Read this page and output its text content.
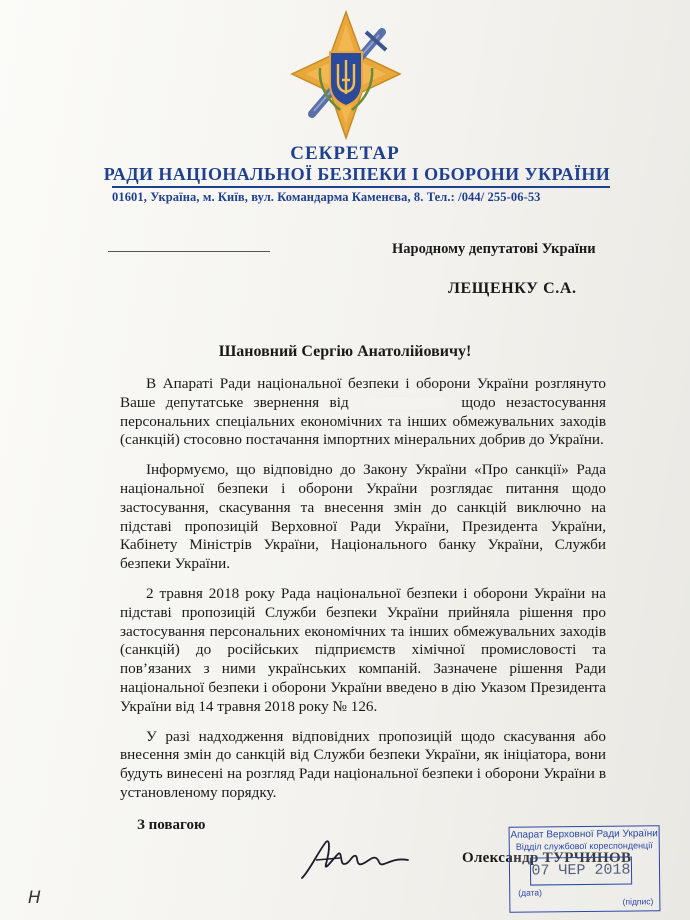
СЕКРЕТАР
РАДИ НАЦІОНАЛЬНОЇ БЕЗПЕКИ І ОБОРОНИ УКРАЇНИ
01601, Україна, м. Київ, вул. Командарма Каменєва, 8. Тел.: /044/ 255-06-53
Народному депутатові України
ЛЕЩЕНКУ С.А.
Шановний Сергію Анатолійовичу!

В Апараті Ради національної безпеки і оборони України розглянуто Ваше депутатське звернення від	щодо незастосування персональних спеціальних економічних та інших обмежувальних заходів (санкцій) стосовно постачання імпортних мінеральних добрив до України.

Інформуємо, що відповідно до Закону України «Про санкції» Рада національної безпеки і оборони України розглядає питання щодо застосування, скасування та внесення змін до санкцій виключно на підставі пропозицій Верховної Ради України, Президента України, Кабінету Міністрів України, Національного банку України, Служби безпеки України.

2 травня 2018 року Рада національної безпеки і оборони України на підставі пропозицій Служби безпеки України прийняла рішення про застосування персональних економічних та інших обмежувальних заходів (санкцій) до російських підприємств хімічної промисловості та пов’язаних з ними українських компаній. Зазначене рішення Ради національної безпеки і оборони України введено в дію Указом Президента України від 14 травня 2018 року № 126.

У разі надходження відповідних пропозицій щодо скасування або внесення змін до санкцій від Служби безпеки України, як ініціатора, вони будуть винесені на розгляд Ради національної безпеки і оборони України в установленому порядку.

З повагою
Олександр ТУРЧИНОВ
Апарат Верховної Ради України
Відділ службової кореспонденції
07 ЧЕР 2018
(дата)
(підпис)
Н
